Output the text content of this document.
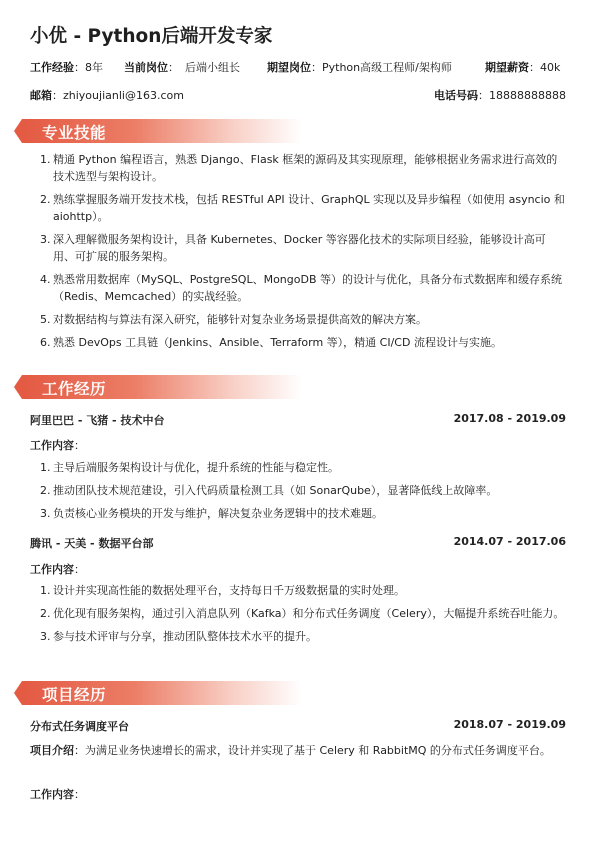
小优 - Python后端开发专家
工作经验：8年 当前岗位： 后端小组长 期望岗位：Python高级工程师/架构师	期望薪资：40k
邮箱：zhiyoujianli@163.com	电话号码：18888888888
专业技能
1. 精通 Python 编程语言，熟悉 Django、Flask 框架的源码及其实现原理，能够根据业务需求进行高效的技术选型与架构设计。
2. 熟练掌握服务端开发技术栈，包括 RESTful API 设计、GraphQL 实现以及异步编程（如使用 asyncio 和 aiohttp）。
3. 深入理解微服务架构设计，具备 Kubernetes、Docker 等容器化技术的实际项目经验，能够设计高可用、可扩展的服务架构。
4. 熟悉常用数据库（MySQL、PostgreSQL、MongoDB 等）的设计与优化，具备分布式数据库和缓存系统（Redis、Memcached）的实战经验。
5. 对数据结构与算法有深入研究，能够针对复杂业务场景提供高效的解决方案。
6. 熟悉 DevOps 工具链（Jenkins、Ansible、Terraform 等），精通 CI/CD 流程设计与实施。
工作经历
阿里巴巴 - 飞猪 - 技术中台	2017.08 - 2019.09
工作内容：
1. 主导后端服务架构设计与优化，提升系统的性能与稳定性。
2. 推动团队技术规范建设，引入代码质量检测工具（如 SonarQube），显著降低线上故障率。
3. 负责核心业务模块的开发与维护，解决复杂业务逻辑中的技术难题。
腾讯 - 天美 - 数据平台部	2014.07 - 2017.06
工作内容：
1. 设计并实现高性能的数据处理平台，支持每日千万级数据量的实时处理。
2. 优化现有服务架构，通过引入消息队列（Kafka）和分布式任务调度（Celery），大幅提升系统吞吐能力。
3. 参与技术评审与分享，推动团队整体技术水平的提升。
项目经历
分布式任务调度平台	2018.07 - 2019.09
项目介绍：为满足业务快速增长的需求，设计并实现了基于 Celery 和 RabbitMQ 的分布式任务调度平台。
工作内容：
